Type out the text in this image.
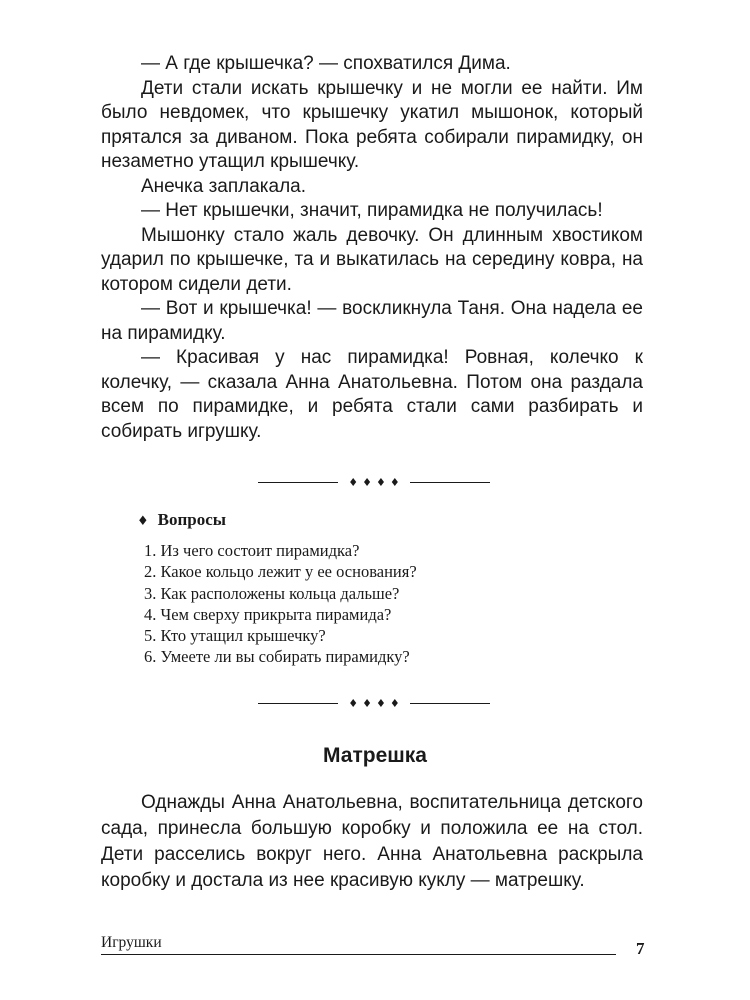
— А где крышечка? — спохватился Дима.

Дети стали искать крышечку и не могли ее найти. Им было невдомек, что крышечку укатил мышонок, который прятался за диваном. Пока ребята собирали пирамидку, он незаметно утащил крышечку.

Анечка заплакала.

— Нет крышечки, значит, пирамидка не получилась!

Мышонку стало жаль девочку. Он длинным хвостиком ударил по крышечке, та и выкатилась на середину ковра, на котором сидели дети.

— Вот и крышечка! — воскликнула Таня. Она надела ее на пирамидку.

— Красивая у нас пирамидка! Ровная, колечко к колечку, — сказала Анна Анатольевна. Потом она раздала всем по пирамидке, и ребята стали сами разбирать и собирать игрушку.

♦♦♦♦
♦ Вопросы
1. Из чего состоит пирамидка?
2. Какое кольцо лежит у ее основания?
3. Как расположены кольца дальше?
4. Чем сверху прикрыта пирамида?
5. Кто утащил крышечку?
6. Умеете ли вы собирать пирамидку?
♦♦♦♦
Матрешка

Однажды Анна Анатольевна, воспитательница детского сада, принесла большую коробку и положила ее на стол. Дети расселись вокруг него. Анна Анатольевна раскрыла коробку и достала из нее красивую куклу — матрешку.

Игрушки	7
